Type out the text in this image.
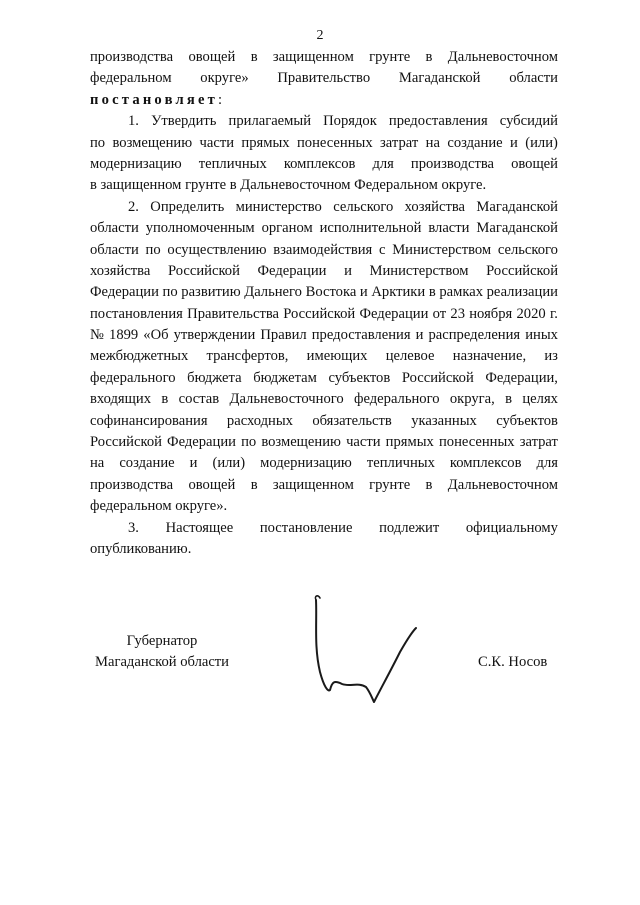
2
производства овощей в защищенном грунте в Дальневосточном
федеральном округе» Правительство Магаданской области
постановляет:
1. Утвердить прилагаемый Порядок предоставления субсидий
по возмещению части прямых понесенных затрат на создание и (или)
модернизацию тепличных комплексов для производства овощей
в защищенном грунте в Дальневосточном Федеральном округе.
2. Определить министерство сельского хозяйства Магаданской
области уполномоченным органом исполнительной власти Магаданской
области по осуществлению взаимодействия с Министерством сельского
хозяйства Российской Федерации и Министерством Российской
Федерации по развитию Дальнего Востока и Арктики в рамках реализации
постановления Правительства Российской Федерации от 23 ноября 2020 г.
№ 1899 «Об утверждении Правил предоставления и распределения иных
межбюджетных трансфертов, имеющих целевое назначение, из
федерального бюджета бюджетам субъектов Российской Федерации,
входящих в состав Дальневосточного федерального округа, в целях
софинансирования расходных обязательств указанных субъектов
Российской Федерации по возмещению части прямых понесенных затрат
на создание и (или) модернизацию тепличных комплексов для
производства овощей в защищенном грунте в Дальневосточном
федеральном округе».
3. Настоящее постановление подлежит официальному
опубликованию.
Губернатор
Магаданской области	С.К. Носов
